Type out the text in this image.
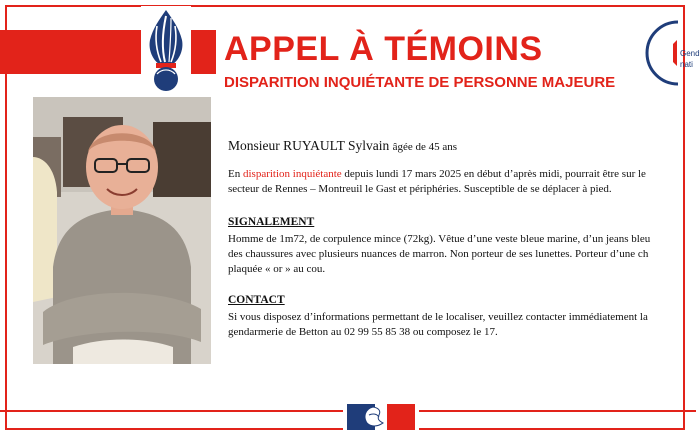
APPEL À TÉMOINS
DISPARITION INQUIÉTANTE DE PERSONNE MAJEURE
Gend
nati
Monsieur RUYAULT Sylvain âgée de 45 ans
En disparition inquiétante depuis lundi 17 mars 2025 en début d’après midi, pourrait être sur le
secteur de Rennes – Montreuil le Gast et périphéries. Susceptible de se déplacer à pied.
SIGNALEMENT
Homme de 1m72, de corpulence mince (72kg). Vêtue d’une veste bleue marine, d’un jeans bleu
des chaussures avec plusieurs nuances de marron. Non porteur de ses lunettes. Porteur d’une ch
plaquée « or » au cou.
CONTACT
Si vous disposez d’informations permettant de le localiser, veuillez contacter immédiatement la
gendarmerie de Betton au 02 99 55 85 38 ou composez le 17.
